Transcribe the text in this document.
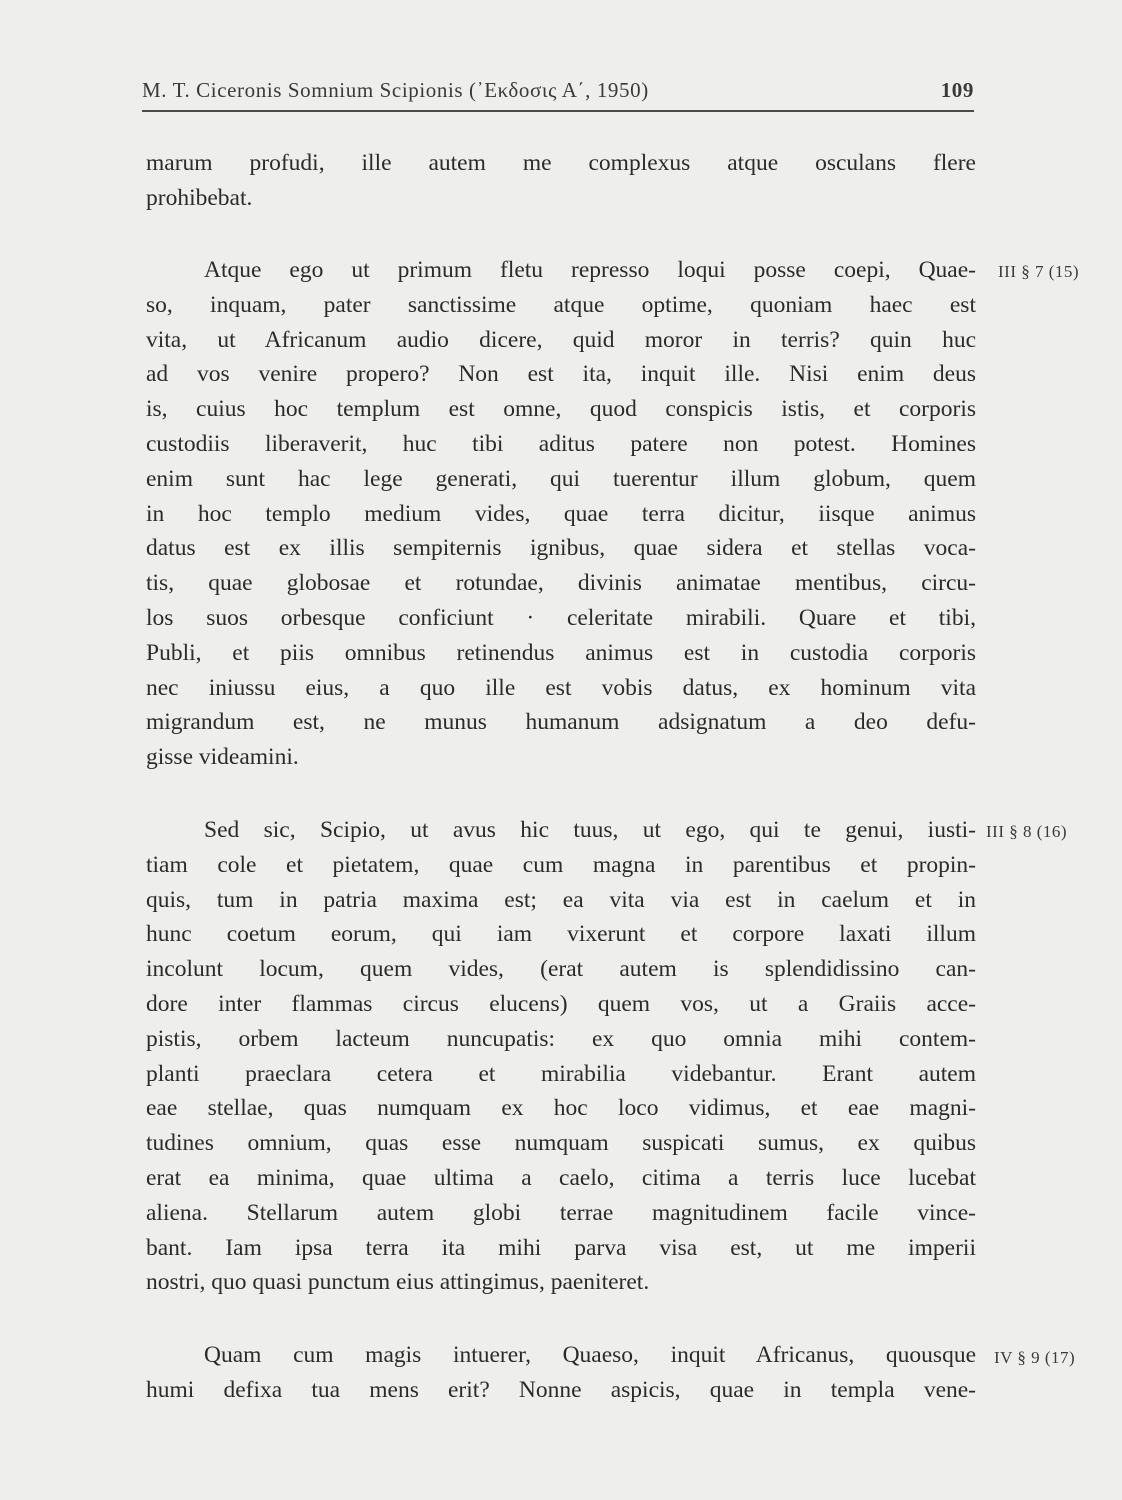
M. T. Ciceronis Somnium Scipionis (᾿Εκδοσις Α΄, 1950)	109
marum profudi, ille autem me complexus atque osculans flere
prohibebat.
III § 7 (15)
Atque ego ut primum fletu represso loqui posse coepi, Quae-
so, inquam, pater sanctissime atque optime, quoniam haec est
vita, ut Africanum audio dicere, quid moror in terris? quin huc
ad vos venire propero? Non est ita, inquit ille. Nisi enim deus
is, cuius hoc templum est omne, quod conspicis istis, et corporis
custodiis liberaverit, huc tibi aditus patere non potest. Homines
enim sunt hac lege generati, qui tuerentur illum globum, quem
in hoc templo medium vides, quae terra dicitur, iisque animus
datus est ex illis sempiternis ignibus, quae sidera et stellas voca-
tis, quae globosae et rotundae, divinis animatae mentibus, circu-
los suos orbesque conficiunt · celeritate mirabili. Quare et tibi,
Publi, et piis omnibus retinendus animus est in custodia corporis
nec iniussu eius, a quo ille est vobis datus, ex hominum vita
migrandum est, ne munus humanum adsignatum a deo defu-
gisse videamini.
III § 8 (16)
Sed sic, Scipio, ut avus hic tuus, ut ego, qui te genui, iusti-
tiam cole et pietatem, quae cum magna in parentibus et propin-
quis, tum in patria maxima est; ea vita via est in caelum et in
hunc coetum eorum, qui iam vixerunt et corpore laxati illum
incolunt locum, quem vides, (erat autem is splendidissino can-
dore inter flammas circus elucens) quem vos, ut a Graiis acce-
pistis, orbem lacteum nuncupatis: ex quo omnia mihi contem-
planti praeclara cetera et mirabilia videbantur. Erant autem
eae stellae, quas numquam ex hoc loco vidimus, et eae magni-
tudines omnium, quas esse numquam suspicati sumus, ex quibus
erat ea minima, quae ultima a caelo, citima a terris luce lucebat
aliena. Stellarum autem globi terrae magnitudinem facile vince-
bant. Iam ipsa terra ita mihi parva visa est, ut me imperii
nostri, quo quasi punctum eius attingimus, paeniteret.
IV § 9 (17)
Quam cum magis intuerer, Quaeso, inquit Africanus, quousque
humi defixa tua mens erit? Nonne aspicis, quae in templa vene-
